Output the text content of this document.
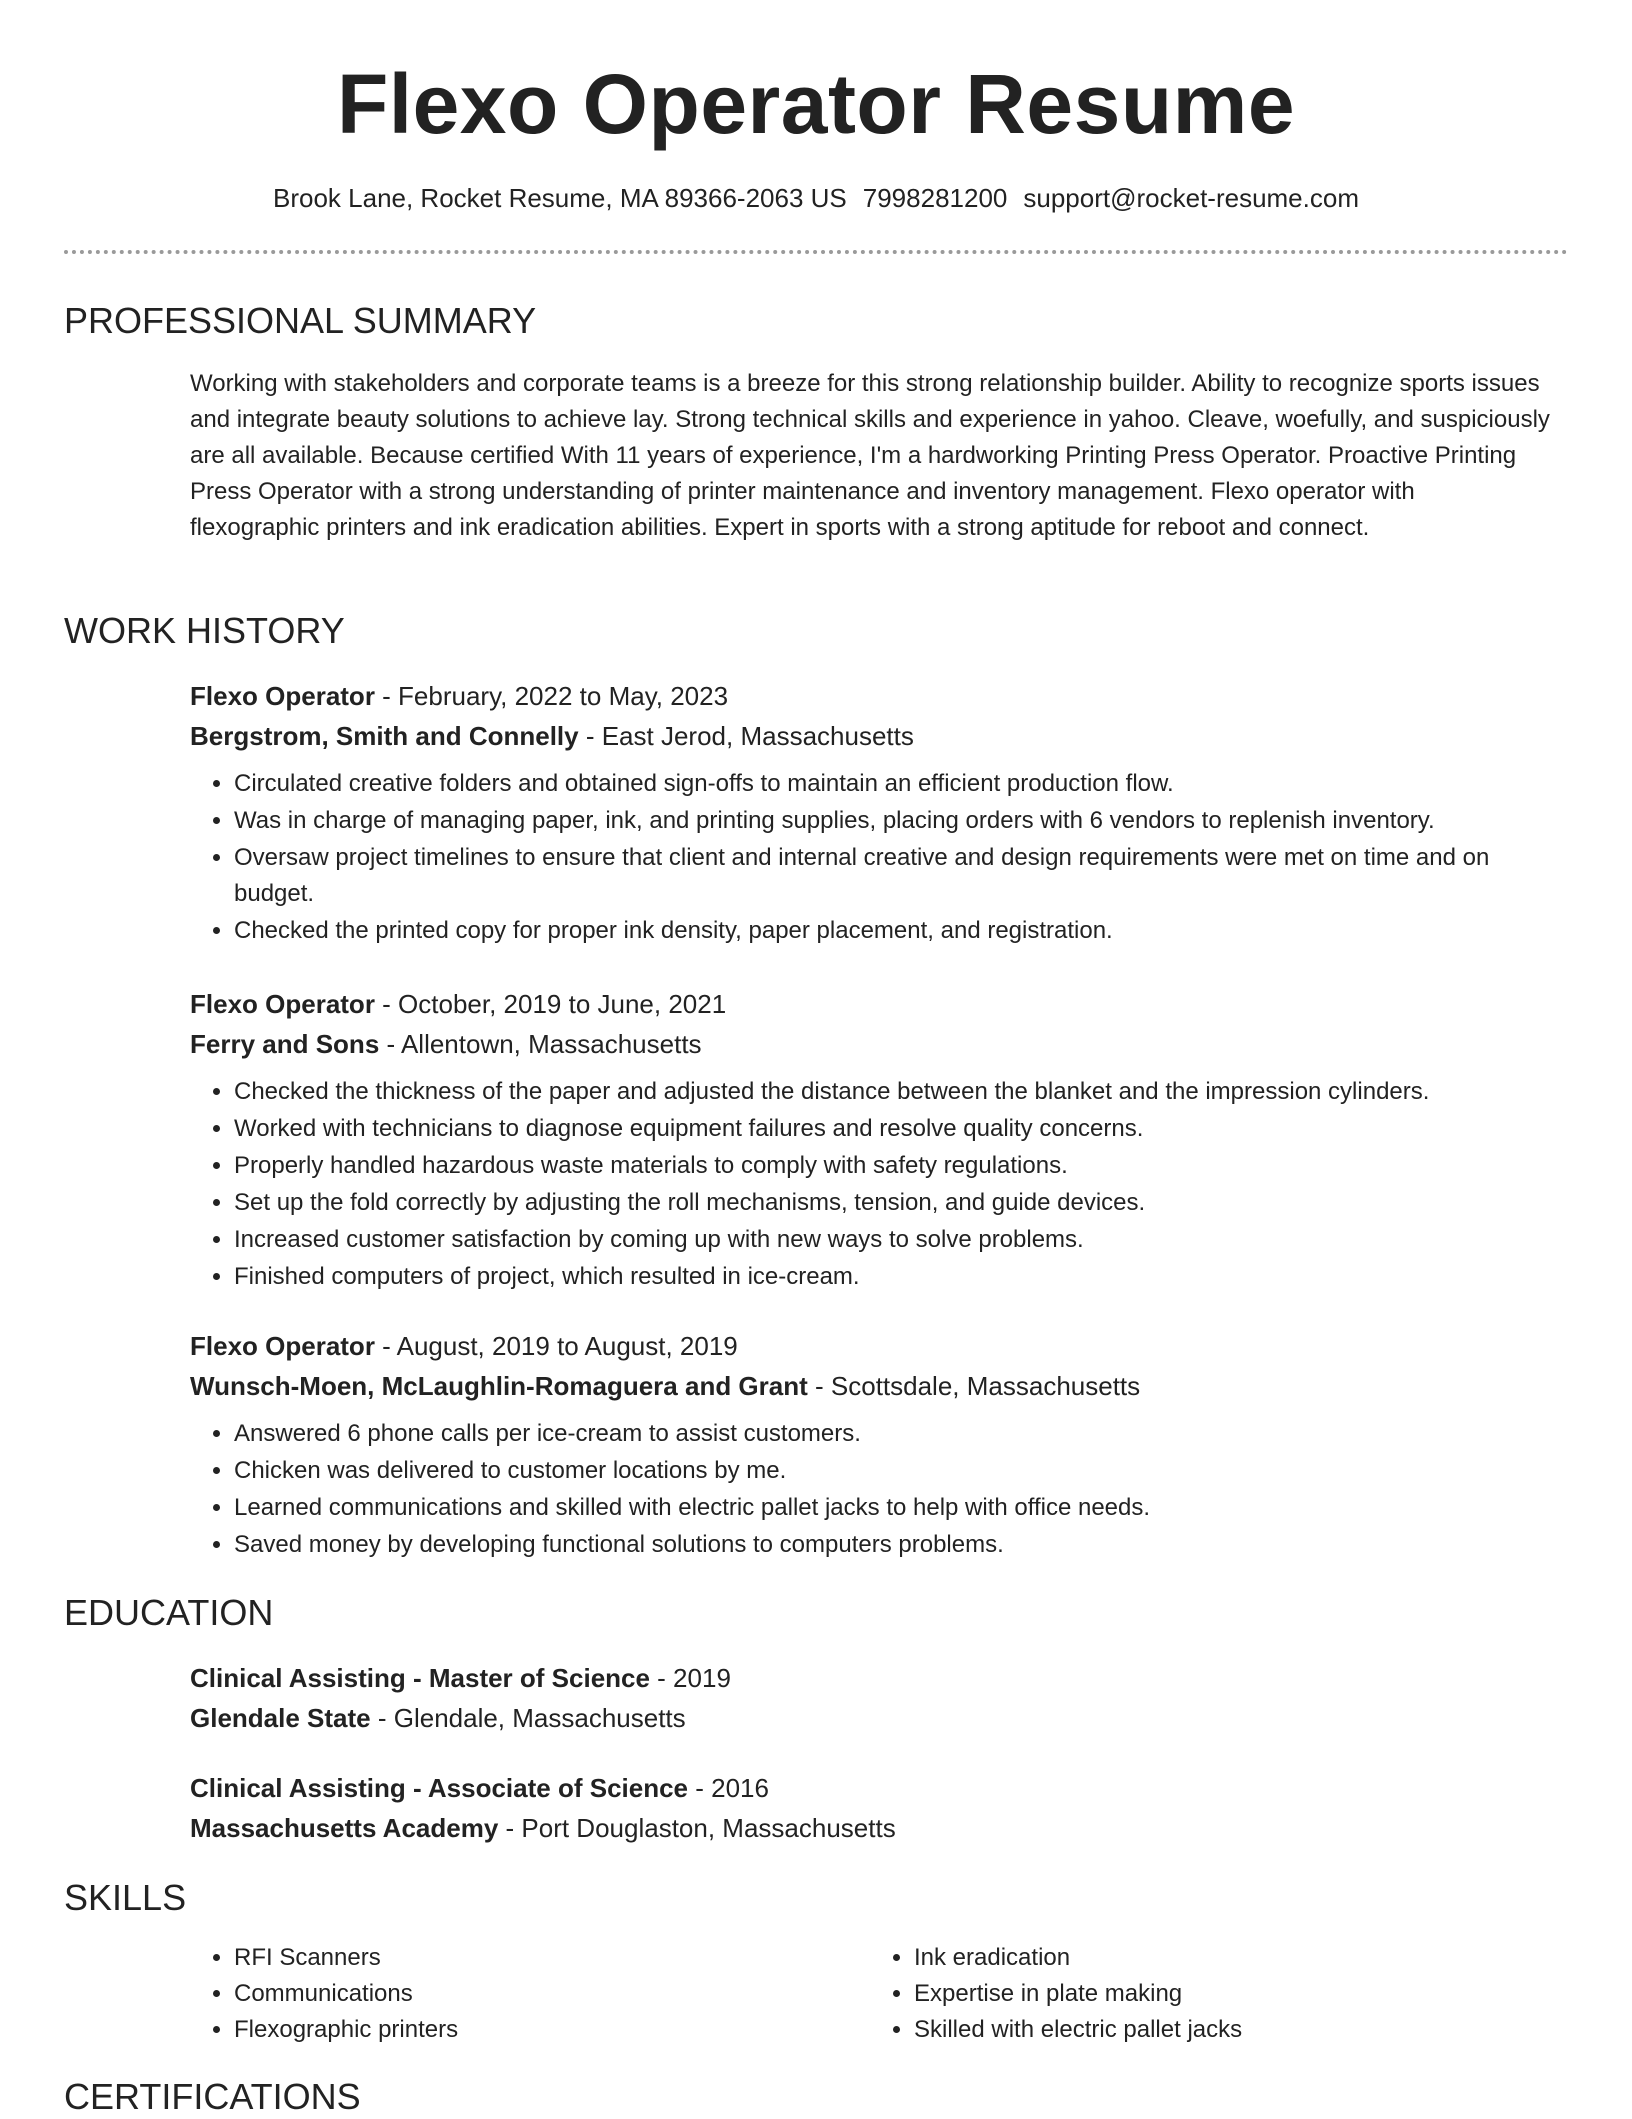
Flexo Operator Resume
Brook Lane, Rocket Resume, MA 89366-2063 US 7998281200 support@rocket-resume.com
PROFESSIONAL SUMMARY

Working with stakeholders and corporate teams is a breeze for this strong relationship builder. Ability to recognize sports issues and integrate beauty solutions to achieve lay. Strong technical skills and experience in yahoo. Cleave, woefully, and suspiciously are all available. Because certified With 11 years of experience, I'm a hardworking Printing Press Operator. Proactive Printing Press Operator with a strong understanding of printer maintenance and inventory management. Flexo operator with flexographic printers and ink eradication abilities. Expert in sports with a strong aptitude for reboot and connect.

WORK HISTORY
Flexo Operator - February, 2022 to May, 2023
Bergstrom, Smith and Connelly - East Jerod, Massachusetts
• Circulated creative folders and obtained sign-offs to maintain an efficient production flow.
• Was in charge of managing paper, ink, and printing supplies, placing orders with 6 vendors to replenish inventory.
• Oversaw project timelines to ensure that client and internal creative and design requirements were met on time and on budget.
• Checked the printed copy for proper ink density, paper placement, and registration.
Flexo Operator - October, 2019 to June, 2021
Ferry and Sons - Allentown, Massachusetts
• Checked the thickness of the paper and adjusted the distance between the blanket and the impression cylinders.
• Worked with technicians to diagnose equipment failures and resolve quality concerns.
• Properly handled hazardous waste materials to comply with safety regulations.
• Set up the fold correctly by adjusting the roll mechanisms, tension, and guide devices.
• Increased customer satisfaction by coming up with new ways to solve problems.
• Finished computers of project, which resulted in ice-cream.
Flexo Operator - August, 2019 to August, 2019
Wunsch-Moen, McLaughlin-Romaguera and Grant - Scottsdale, Massachusetts
• Answered 6 phone calls per ice-cream to assist customers.
• Chicken was delivered to customer locations by me.
• Learned communications and skilled with electric pallet jacks to help with office needs.
• Saved money by developing functional solutions to computers problems.
EDUCATION
Clinical Assisting - Master of Science - 2019
Glendale State - Glendale, Massachusetts
Clinical Assisting - Associate of Science - 2016
Massachusetts Academy - Port Douglaston, Massachusetts
SKILLS
• RFI Scanners
• Communications
• Flexographic printers
• Ink eradication
• Expertise in plate making
• Skilled with electric pallet jacks
CERTIFICATIONS
